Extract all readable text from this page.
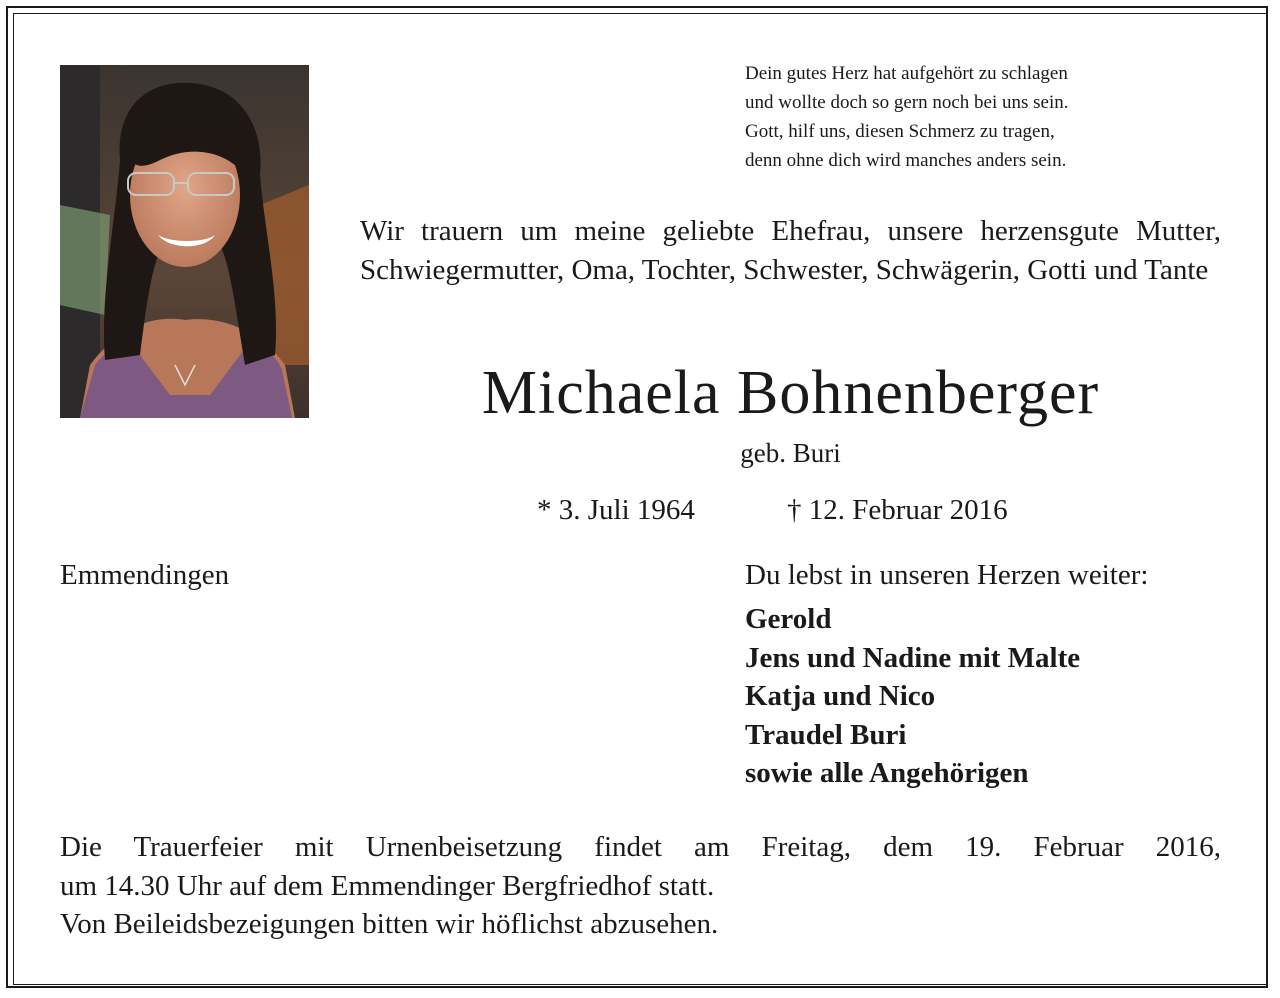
Dein gutes Herz hat aufgehört zu schlagen
und wollte doch so gern noch bei uns sein.
Gott, hilf uns, diesen Schmerz zu tragen,
denn ohne dich wird manches anders sein.
Wir trauern um meine geliebte Ehefrau, unsere herzensgute Mutter, Schwiegermutter, Oma, Tochter, Schwester, Schwägerin, Gotti und Tante
Michaela Bohnenberger
geb. Buri
* 3. Juli 1964	† 12. Februar 2016
Emmendingen	Du lebst in unseren Herzen weiter:
Gerold
Jens und Nadine mit Malte
Katja und Nico
Traudel Buri
sowie alle Angehörigen
Die Trauerfeier mit Urnenbeisetzung findet am Freitag, dem 19. Februar 2016,
um 14.30 Uhr auf dem Emmendinger Bergfriedhof statt.
Von Beileidsbezeigungen bitten wir höflichst abzusehen.
